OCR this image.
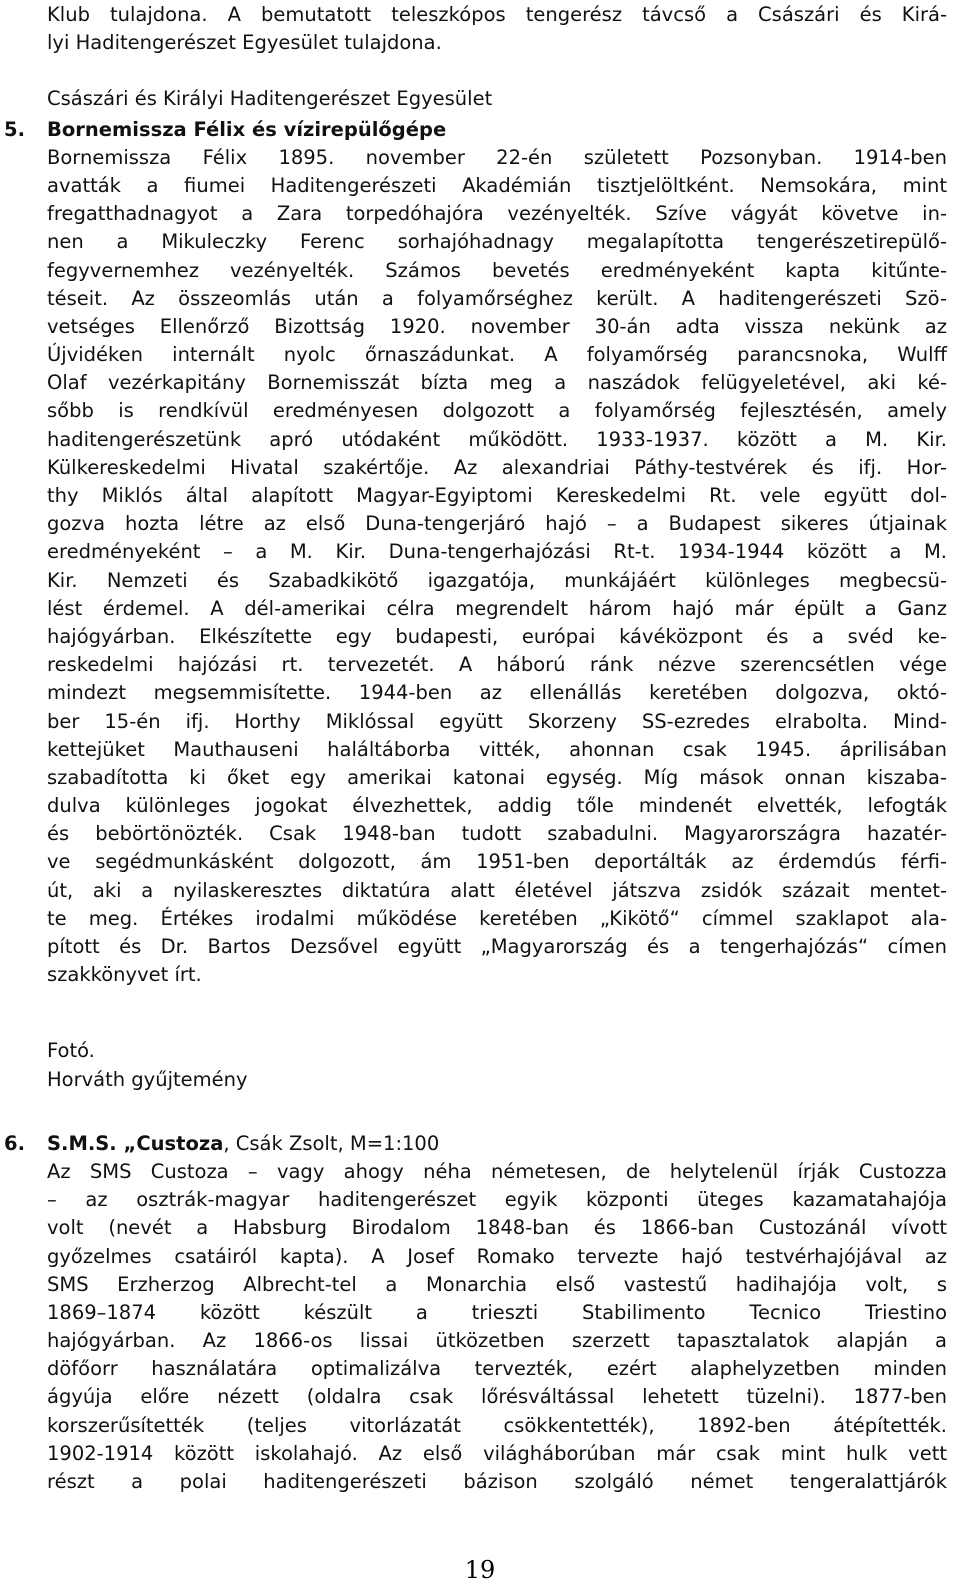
Klub tulajdona. A bemutatott teleszkópos tengerész távcső a Császári és Kirá-
lyi Haditengerészet Egyesület tulajdona.
Császári és Királyi Haditengerészet Egyesület
5. Bornemissza Félix és vízirepülőgépe
Bornemissza Félix 1895. november 22-én született Pozsonyban. 1914-ben
avatták a fiumei Haditengerészeti Akadémián tisztjelöltként. Nemsokára, mint
fregatthadnagyot a Zara torpedóhajóra vezényelték. Szíve vágyát követve in-
nen a Mikuleczky Ferenc sorhajóhadnagy megalapította tengerészetirepülő-
fegyvernemhez vezényelték. Számos bevetés eredményeként kapta kitűnte-
téseit. Az összeomlás után a folyamőrséghez került. A haditengerészeti Szö-
vetséges Ellenőrző Bizottság 1920. november 30-án adta vissza nekünk az
Újvidéken internált nyolc őrnaszádunkat. A folyamőrség parancsnoka, Wulff
Olaf vezérkapitány Bornemisszát bízta meg a naszádok felügyeletével, aki ké-
sőbb is rendkívül eredményesen dolgozott a folyamőrség fejlesztésén, amely
haditengerészetünk apró utódaként működött. 1933-1937. között a M. Kir.
Külkereskedelmi Hivatal szakértője. Az alexandriai Páthy-testvérek és ifj. Hor-
thy Miklós által alapított Magyar-Egyiptomi Kereskedelmi Rt. vele együtt dol-
gozva hozta létre az első Duna-tengerjáró hajó – a Budapest sikeres útjainak
eredményeként – a M. Kir. Duna-tengerhajózási Rt-t. 1934-1944 között a M.
Kir. Nemzeti és Szabadkikötő igazgatója, munkájáért különleges megbecsü-
lést érdemel. A dél-amerikai célra megrendelt három hajó már épült a Ganz
hajógyárban. Elkészítette egy budapesti, európai kávéközpont és a svéd ke-
reskedelmi hajózási rt. tervezetét. A háború ránk nézve szerencsétlen vége
mindezt megsemmisítette. 1944-ben az ellenállás keretében dolgozva, októ-
ber 15-én ifj. Horthy Miklóssal együtt Skorzeny SS-ezredes elrabolta. Mind-
kettejüket Mauthauseni haláltáborba vitték, ahonnan csak 1945. áprilisában
szabadította ki őket egy amerikai katonai egység. Míg mások onnan kiszaba-
dulva különleges jogokat élvezhettek, addig tőle mindenét elvették, lefogták
és bebörtönözték. Csak 1948-ban tudott szabadulni. Magyarországra hazatér-
ve segédmunkásként dolgozott, ám 1951-ben deportálták az érdemdús férfi-
út, aki a nyilaskeresztes diktatúra alatt életével játszva zsidók százait mentet-
te meg. Értékes irodalmi működése keretében „Kikötő“ címmel szaklapot ala-
pított és Dr. Bartos Dezsővel együtt „Magyarország és a tengerhajózás“ címen
szakkönyvet írt.
Fotó.
Horváth gyűjtemény
6. S.M.S. „Custoza , Csák Zsolt, M=1:100
Az SMS Custoza – vagy ahogy néha németesen, de helytelenül írják Custozza
– az osztrák-magyar haditengerészet egyik központi üteges kazamatahajója
volt (nevét a Habsburg Birodalom 1848-ban és 1866-ban Custozánál vívott
győzelmes csatáiról kapta). A Josef Romako tervezte hajó testvérhajójával az
SMS Erzherzog Albrecht-tel a Monarchia első vastestű hadihajója volt, s
1869–1874 között készült a trieszti Stabilimento Tecnico Triestino
hajógyárban. Az 1866-os lissai ütközetben szerzett tapasztalatok alapján a
döfőorr használatára optimalizálva tervezték, ezért alaphelyzetben minden
ágyúja előre nézett (oldalra csak lőrésváltással lehetett tüzelni). 1877-ben
korszerűsítették (teljes vitorlázatát csökkentették), 1892-ben átépítették.
1902-1914 között iskolahajó. Az első világháborúban már csak mint hulk vett
részt a polai haditengerészeti bázison szolgáló német tengeralattjárók
19
